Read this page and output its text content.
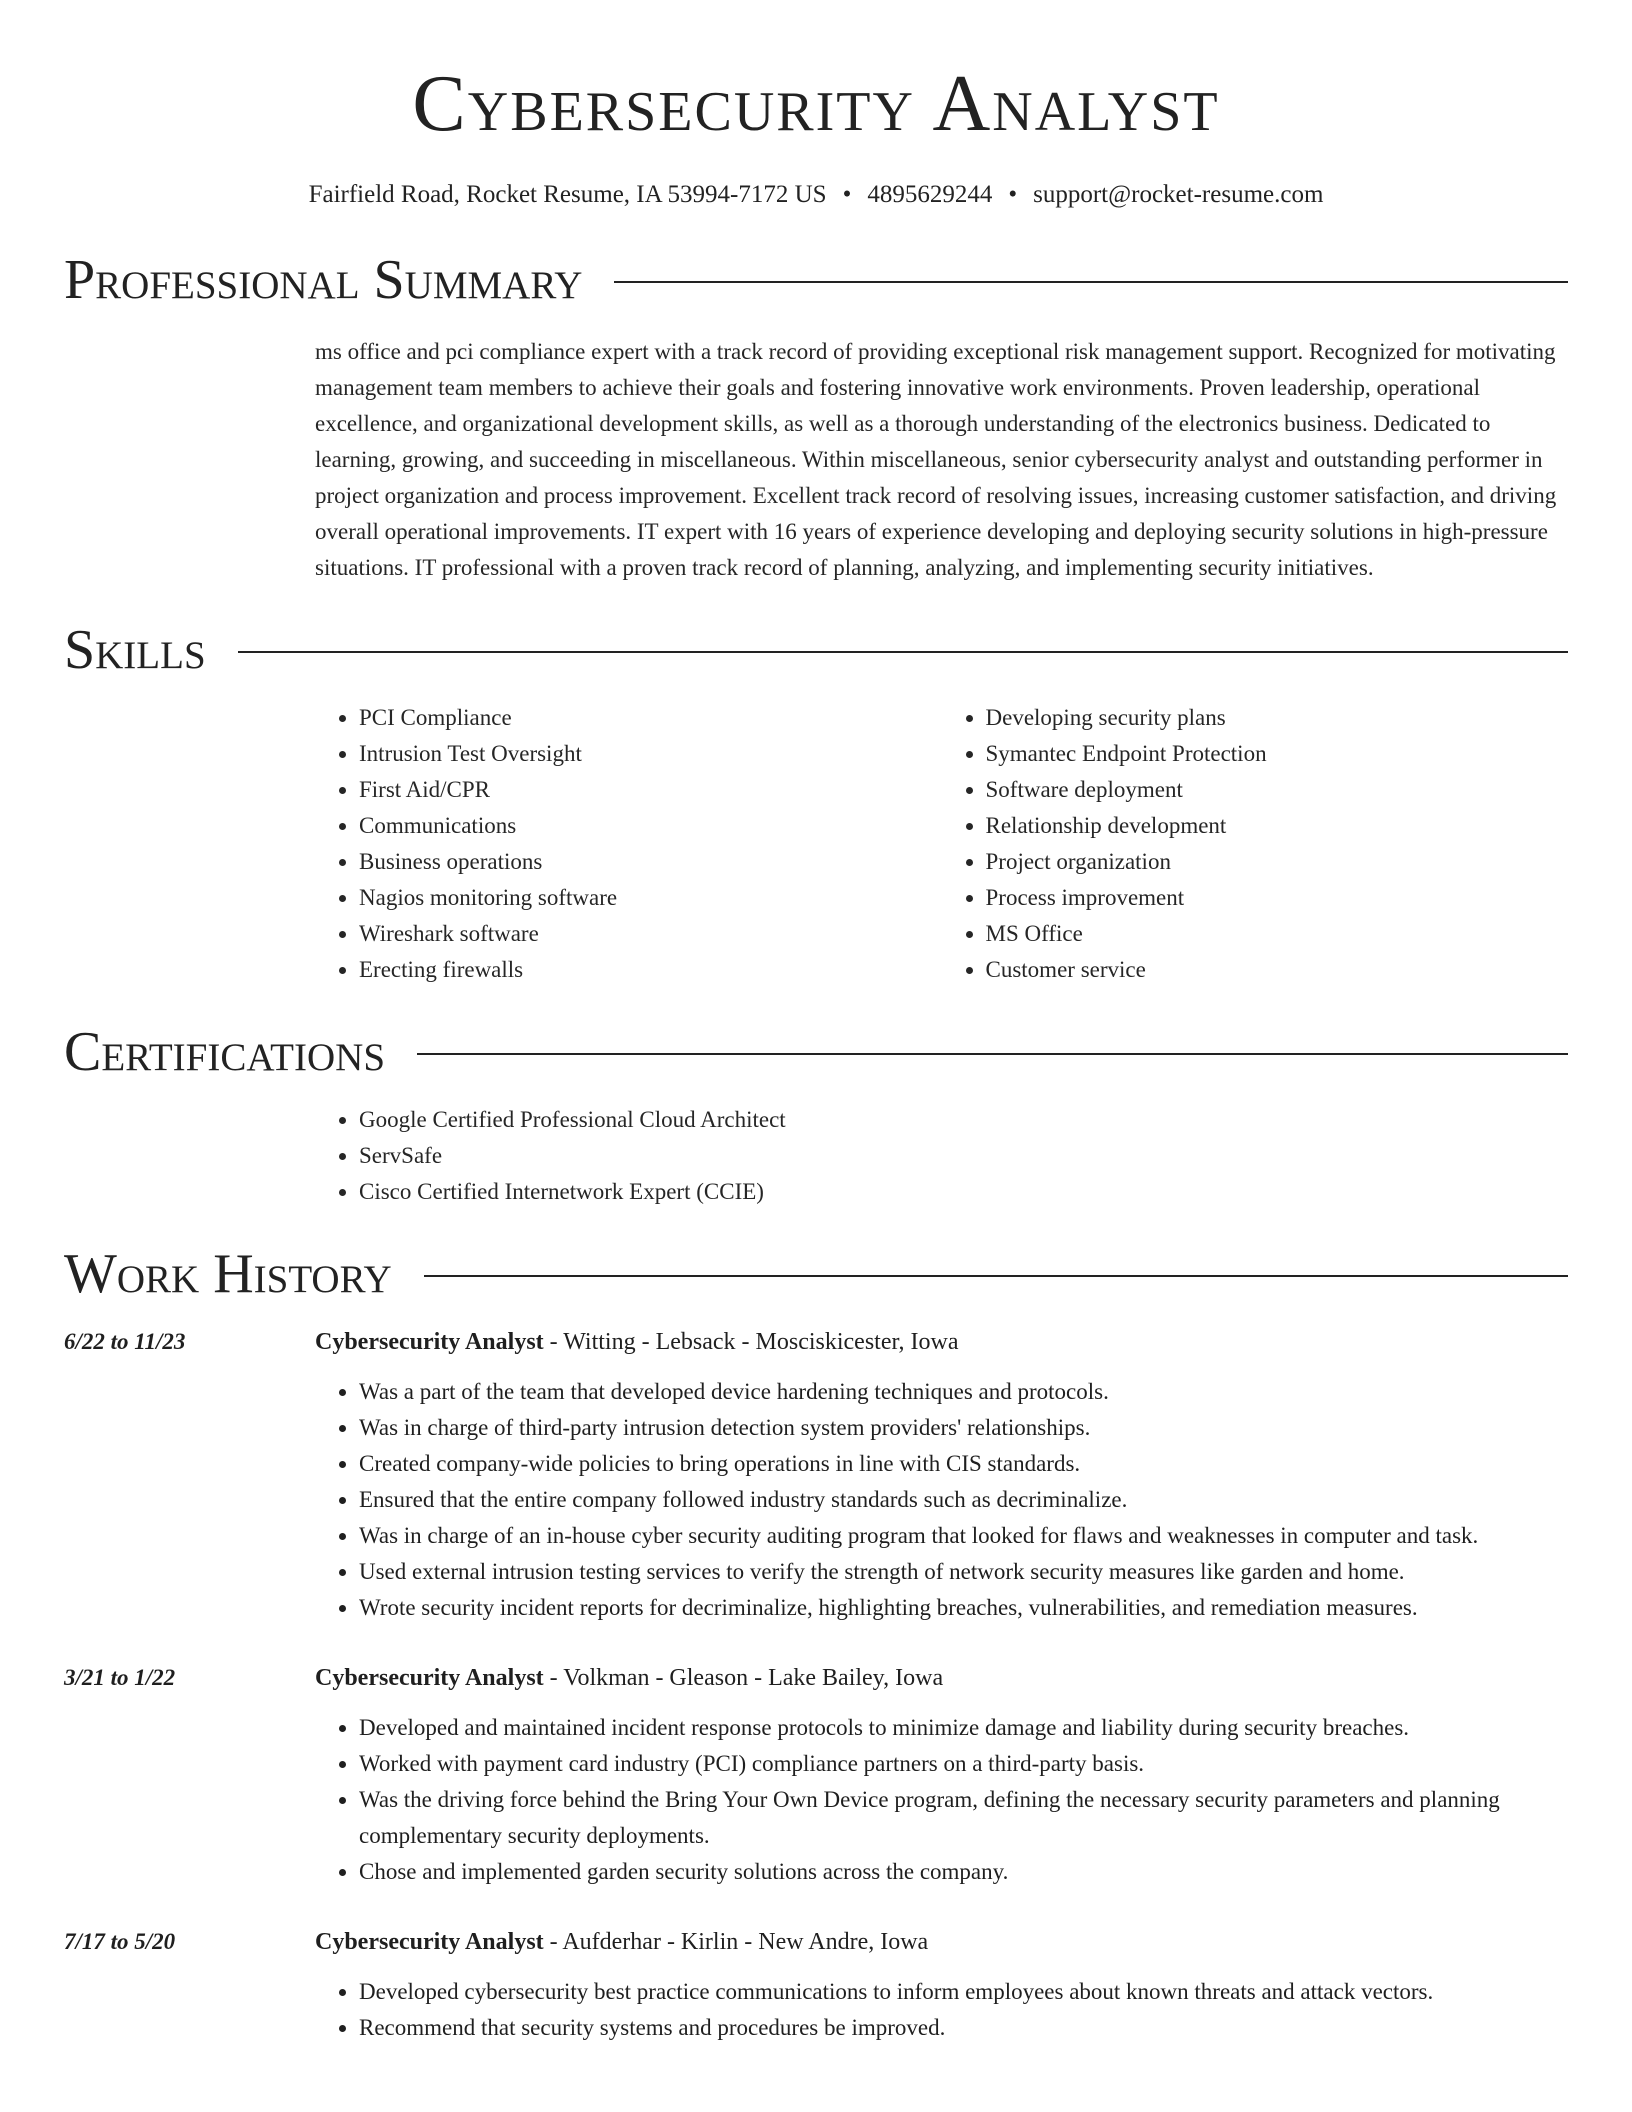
Cybersecurity Analyst
Fairfield Road, Rocket Resume, IA 53994-7172 US • 4895629244 • support@rocket-resume.com
Professional Summary
ms office and pci compliance expert with a track record of providing exceptional risk management support. Recognized for motivating management team members to achieve their goals and fostering innovative work environments. Proven leadership, operational excellence, and organizational development skills, as well as a thorough understanding of the electronics business. Dedicated to learning, growing, and succeeding in miscellaneous. Within miscellaneous, senior cybersecurity analyst and outstanding performer in project organization and process improvement. Excellent track record of resolving issues, increasing customer satisfaction, and driving overall operational improvements. IT expert with 16 years of experience developing and deploying security solutions in high-pressure situations. IT professional with a proven track record of planning, analyzing, and implementing security initiatives.
Skills
• PCI Compliance
• Intrusion Test Oversight
• First Aid/CPR
• Communications
• Business operations
• Nagios monitoring software
• Wireshark software
• Erecting firewalls
• Developing security plans
• Symantec Endpoint Protection
• Software deployment
• Relationship development
• Project organization
• Process improvement
• MS Office
• Customer service
Certifications
• Google Certified Professional Cloud Architect
• ServSafe
• Cisco Certified Internetwork Expert (CCIE)
Work History
6/22 to 11/23	Cybersecurity Analyst - Witting - Lebsack - Mosciskicester, Iowa
• Was a part of the team that developed device hardening techniques and protocols.
• Was in charge of third-party intrusion detection system providers' relationships.
• Created company-wide policies to bring operations in line with CIS standards.
• Ensured that the entire company followed industry standards such as decriminalize.
• Was in charge of an in-house cyber security auditing program that looked for flaws and weaknesses in computer and task.
• Used external intrusion testing services to verify the strength of network security measures like garden and home.
• Wrote security incident reports for decriminalize, highlighting breaches, vulnerabilities, and remediation measures.
3/21 to 1/22	Cybersecurity Analyst - Volkman - Gleason - Lake Bailey, Iowa
• Developed and maintained incident response protocols to minimize damage and liability during security breaches.
• Worked with payment card industry (PCI) compliance partners on a third-party basis.
• Was the driving force behind the Bring Your Own Device program, defining the necessary security parameters and planning complementary security deployments.
• Chose and implemented garden security solutions across the company.
7/17 to 5/20	Cybersecurity Analyst - Aufderhar - Kirlin - New Andre, Iowa
• Developed cybersecurity best practice communications to inform employees about known threats and attack vectors.
• Recommend that security systems and procedures be improved.
